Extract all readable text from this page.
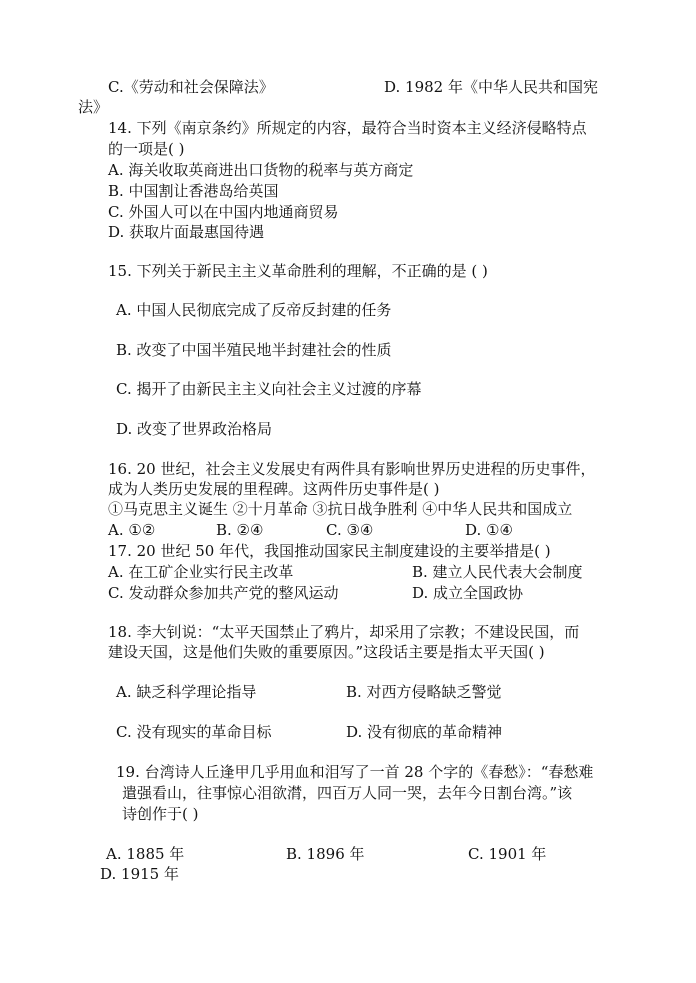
C.《劳动和社会保障法》	D. 1982 年《中华人民共和国宪
法》
14. 下列《南京条约》所规定的内容，最符合当时资本主义经济侵略特点
的一项是( )
A. 海关收取英商进出口货物的税率与英方商定
B. 中国割让香港岛给英国
C. 外国人可以在中国内地通商贸易
D. 获取片面最惠国待遇
15. 下列关于新民主主义革命胜利的理解，不正确的是 ( )
A. 中国人民彻底完成了反帝反封建的任务
B. 改变了中国半殖民地半封建社会的性质
C. 揭开了由新民主主义向社会主义过渡的序幕
D. 改变了世界政治格局
16. 20 世纪，社会主义发展史有两件具有影响世界历史进程的历史事件，
成为人类历史发展的里程碑。这两件历史事件是( )
①马克思主义诞生 ②十月革命 ③抗日战争胜利 ④中华人民共和国成立
A. ①②	B. ②④	C. ③④	D. ①④
17. 20 世纪 50 年代，我国推动国家民主制度建设的主要举措是( )
A. 在工矿企业实行民主改革	B. 建立人民代表大会制度
C. 发动群众参加共产党的整风运动	D. 成立全国政协
18. 李大钊说：“太平天国禁止了鸦片，却采用了宗教；不建设民国，而
建设天国，这是他们失败的重要原因。”这段话主要是指太平天国( )
A. 缺乏科学理论指导	B. 对西方侵略缺乏警觉
C. 没有现实的革命目标	D. 没有彻底的革命精神
19. 台湾诗人丘逢甲几乎用血和泪写了一首 28 个字的《春愁》：“春愁难
遣强看山，往事惊心泪欲潸，四百万人同一哭，去年今日割台湾。”该
诗创作于( )
A. 1885 年	B. 1896 年	C. 1901 年
D. 1915 年
